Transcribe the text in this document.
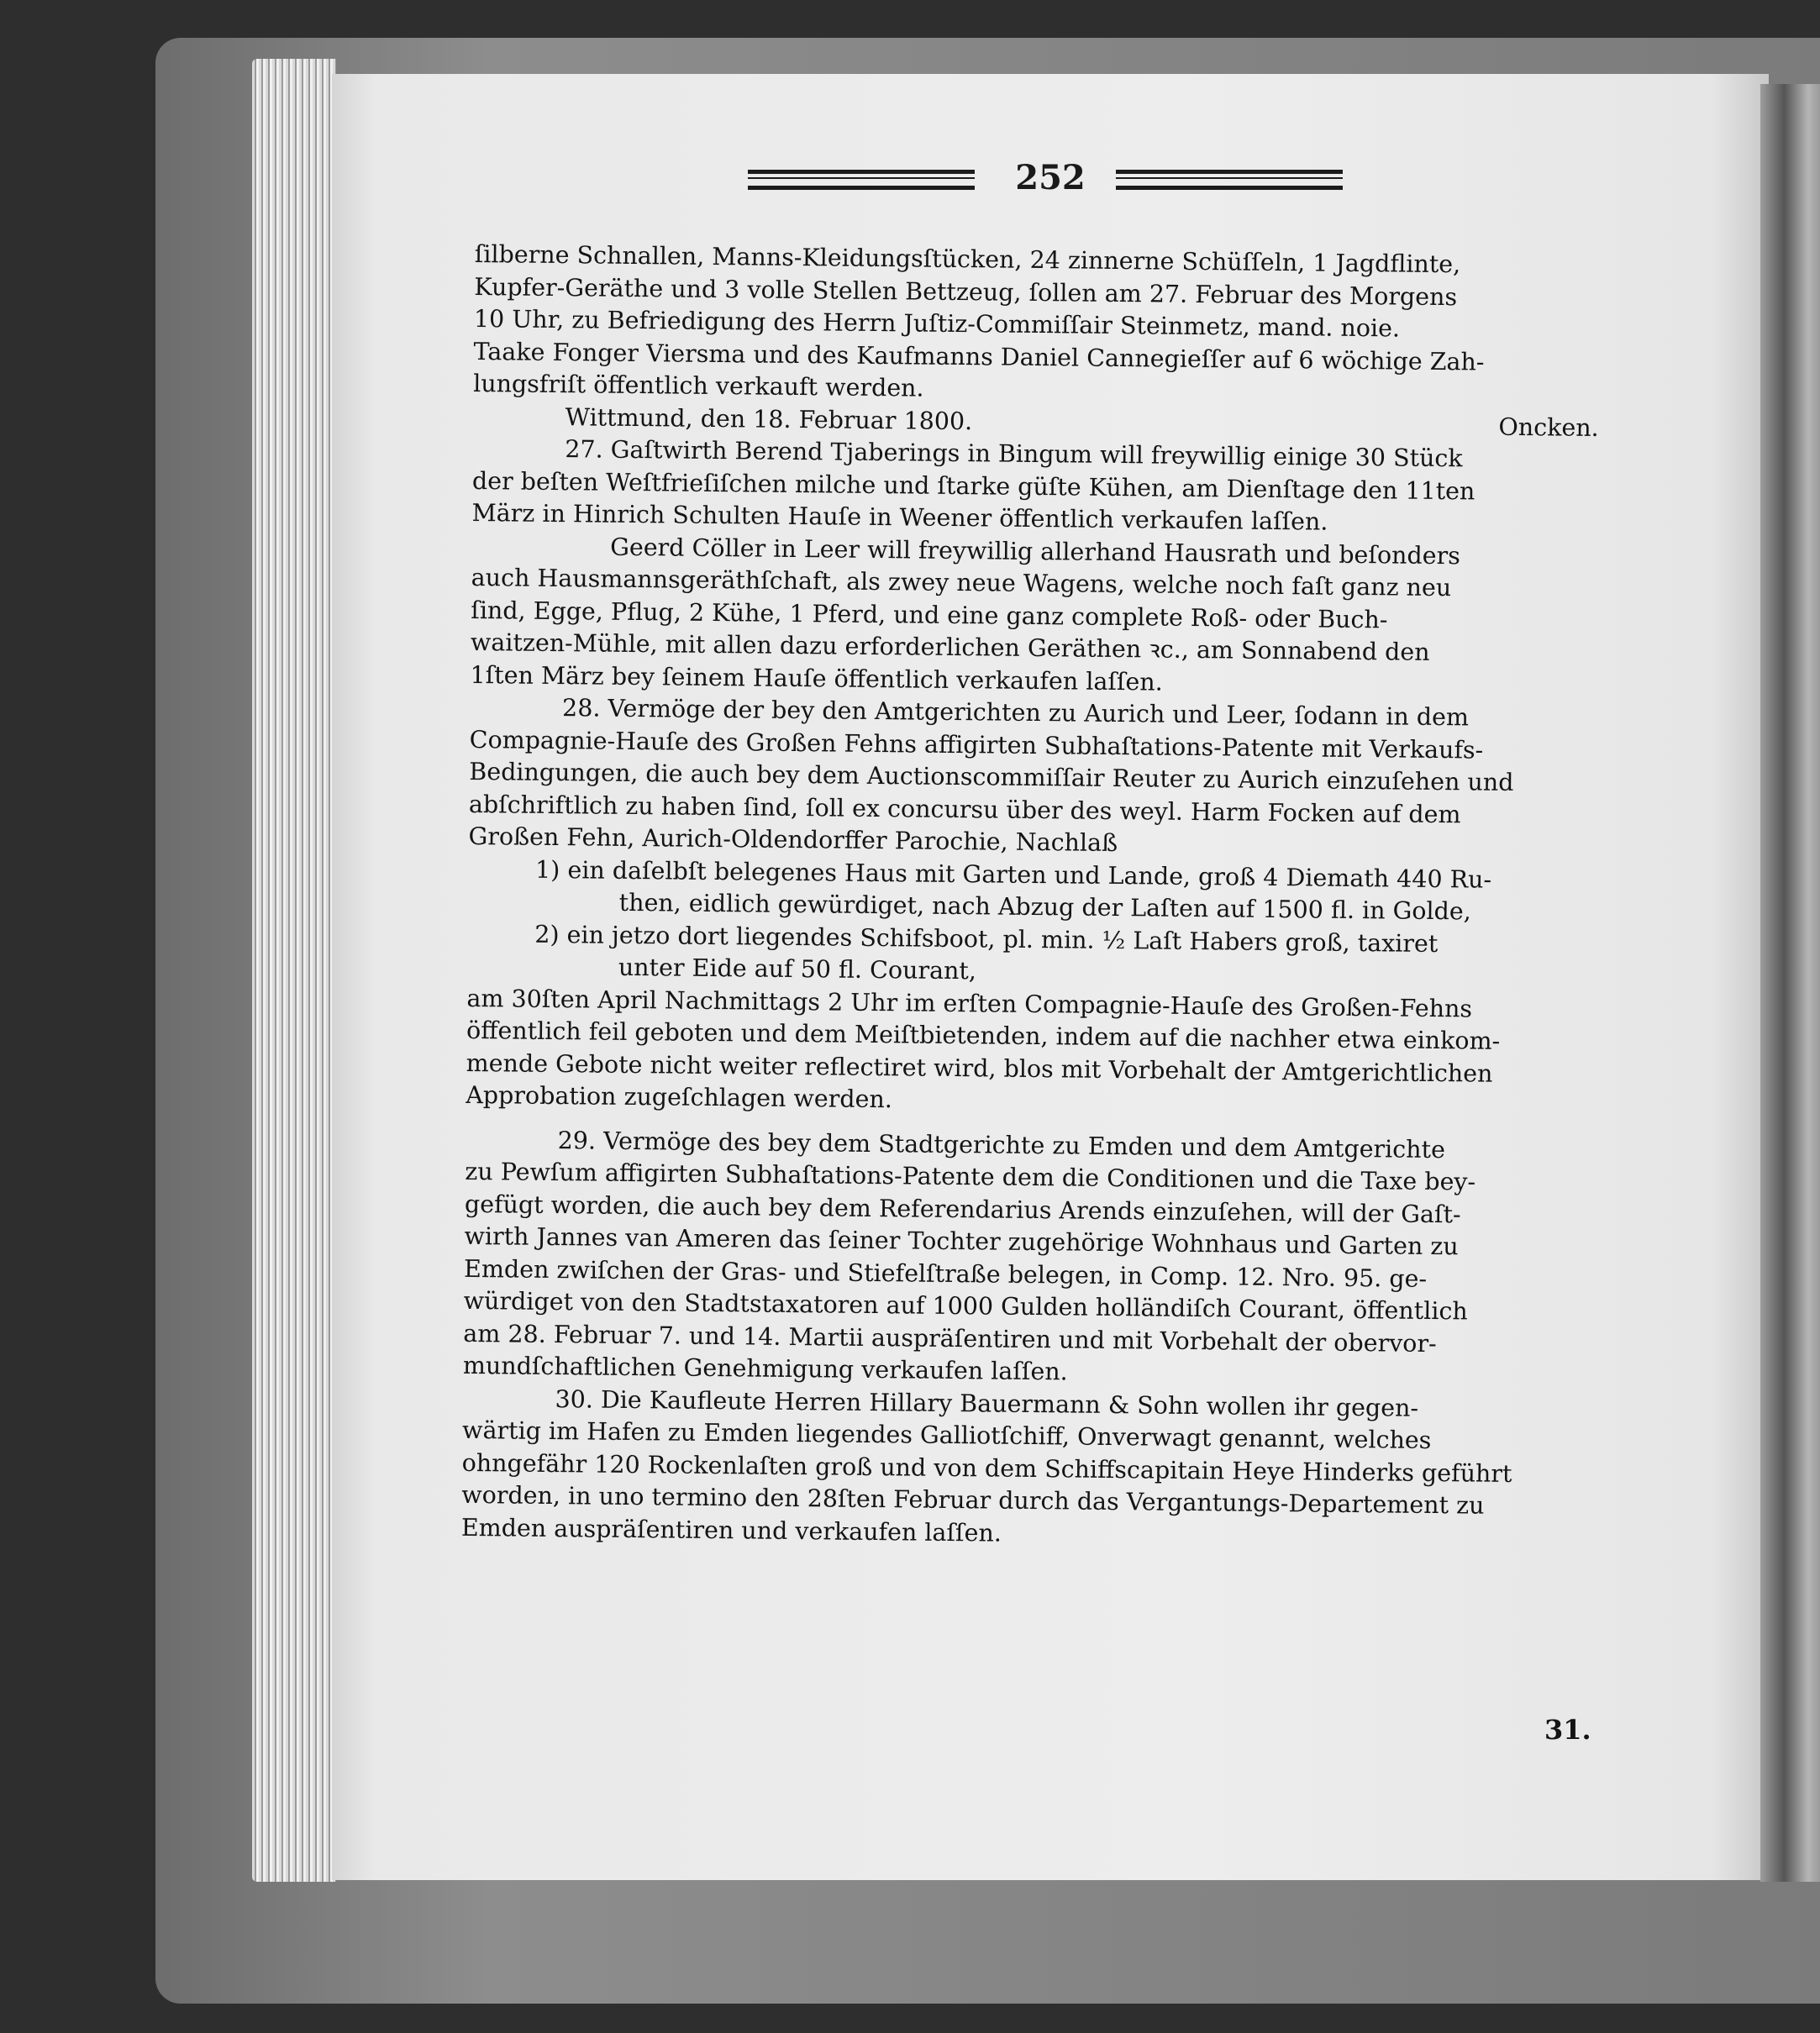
252
ſilberne Schnallen, Manns-Kleidungsſtücken, 24 zinnerne Schüſſeln, 1 Jagdflinte,
Kupfer-Geräthe und 3 volle Stellen Bettzeug, ſollen am 27. Februar des Morgens
10 Uhr, zu Befriedigung des Herrn Juſtiz-Commiſſair Steinmetz, mand. noie.
Taake Fonger Viersma und des Kaufmanns Daniel Cannegieſſer auf 6 wöchige Zah-
lungsfriſt öffentlich verkauft werden.
Wittmund, den 18. Februar 1800.	Oncken.
27. Gaſtwirth Berend Tjaberings in Bingum will freywillig einige 30 Stück
der beſten Weſtfrieſiſchen milche und ſtarke güſte Kühen, am Dienſtage den 11ten
März in Hinrich Schulten Hauſe in Weener öffentlich verkaufen laſſen.
Geerd Cöller in Leer will freywillig allerhand Hausrath und beſonders
auch Hausmannsgeräthſchaft, als zwey neue Wagens, welche noch faſt ganz neu
ſind, Egge, Pflug, 2 Kühe, 1 Pferd, und eine ganz complete Roß- oder Buch-
waitzen-Mühle, mit allen dazu erforderlichen Geräthen ꝛc., am Sonnabend den
1ſten März bey ſeinem Hauſe öffentlich verkaufen laſſen.
28. Vermöge der bey den Amtgerichten zu Aurich und Leer, ſodann in dem
Compagnie-Hauſe des Großen Fehns affigirten Subhaſtations-Patente mit Verkaufs-
Bedingungen, die auch bey dem Auctionscommiſſair Reuter zu Aurich einzuſehen und
abſchriftlich zu haben ſind, ſoll ex concursu über des weyl. Harm Focken auf dem
Großen Fehn, Aurich-Oldendorffer Parochie, Nachlaß
1) ein daſelbſt belegenes Haus mit Garten und Lande, groß 4 Diemath 440 Ru-
then, eidlich gewürdiget, nach Abzug der Laſten auf 1500 fl. in Golde,
2) ein jetzo dort liegendes Schifsboot, pl. min. ½ Laſt Habers groß, taxiret
unter Eide auf 50 fl. Courant,
am 30ſten April Nachmittags 2 Uhr im erſten Compagnie-Hauſe des Großen-Fehns
öffentlich feil geboten und dem Meiſtbietenden, indem auf die nachher etwa einkom-
mende Gebote nicht weiter reflectiret wird, blos mit Vorbehalt der Amtgerichtlichen
Approbation zugeſchlagen werden.
29. Vermöge des bey dem Stadtgerichte zu Emden und dem Amtgerichte
zu Pewſum affigirten Subhaſtations-Patente dem die Conditionen und die Taxe bey-
gefügt worden, die auch bey dem Referendarius Arends einzuſehen, will der Gaſt-
wirth Jannes van Ameren das ſeiner Tochter zugehörige Wohnhaus und Garten zu
Emden zwiſchen der Gras- und Stiefelſtraße belegen, in Comp. 12. Nro. 95. ge-
würdiget von den Stadtstaxatoren auf 1000 Gulden holländiſch Courant, öffentlich
am 28. Februar 7. und 14. Martii auspräſentiren und mit Vorbehalt der obervor-
mundſchaftlichen Genehmigung verkaufen laſſen.
30. Die Kaufleute Herren Hillary Bauermann & Sohn wollen ihr gegen-
wärtig im Hafen zu Emden liegendes Galliotſchiff, Onverwagt genannt, welches
ohngefähr 120 Rockenlaſten groß und von dem Schiffscapitain Heye Hinderks geführt
worden, in uno termino den 28ſten Februar durch das Vergantungs-Departement zu
Emden auspräſentiren und verkaufen laſſen.
31.
